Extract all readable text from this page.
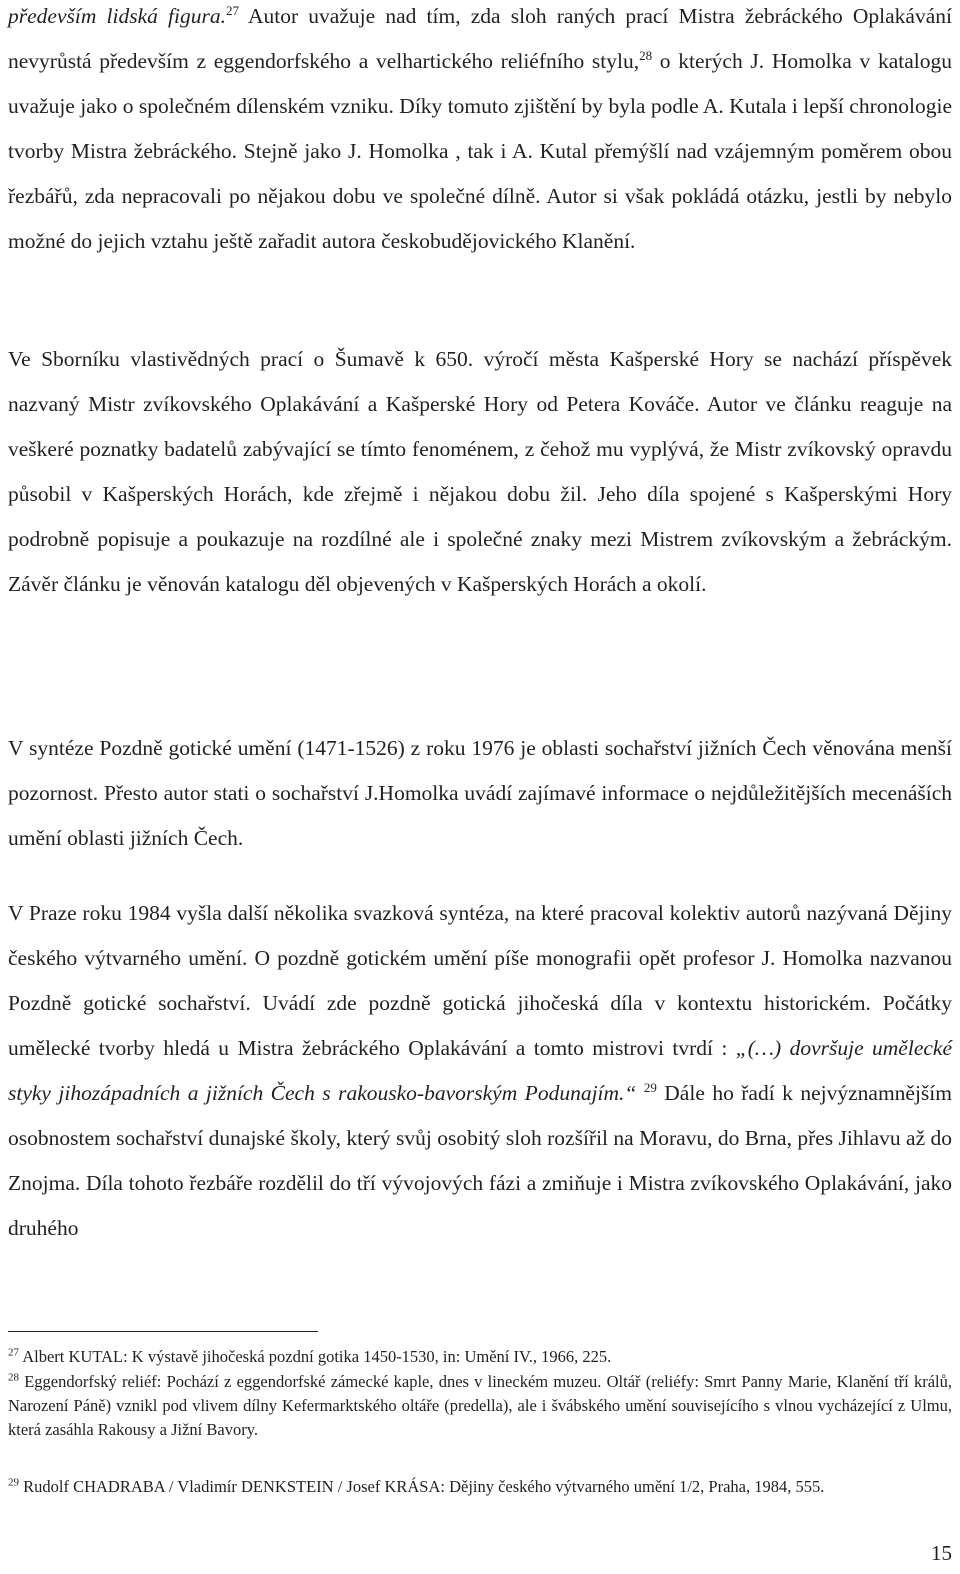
především lidská figura.$^{27}$ Autor uvažuje nad tím, zda sloh raných prací Mistra žebráckého Oplakávání nevyrůstá především z eggendorfského a velhartického reliéfního stylu,$^{28}$ o kterých J. Homolka v katalogu uvažuje jako o společném dílenském vzniku. Díky tomuto zjištění by byla podle A. Kutala i lepší chronologie tvorby Mistra žebráckého. Stejně jako J. Homolka , tak i A. Kutal přemýšlí nad vzájemným poměrem obou řezbářů, zda nepracovali po nějakou dobu ve společné dílně. Autor si však pokládá otázku, jestli by nebylo možné do jejich vztahu ještě zařadit autora českobudějovického Klanění.
Ve Sborníku vlastivědných prací o Šumavě k 650. výročí města Kašperské Hory se nachází příspěvek nazvaný Mistr zvíkovského Oplakávání a Kašperské Hory od Petera Kováče. Autor ve článku reaguje na veškeré poznatky badatelů zabývající se tímto fenoménem, z čehož mu vyplývá, že Mistr zvíkovský opravdu působil v Kašperských Horách, kde zřejmě i nějakou dobu žil. Jeho díla spojené s Kašperskými Hory podrobně popisuje a poukazuje na rozdílné ale i společné znaky mezi Mistrem zvíkovským a žebráckým. Závěr článku je věnován katalogu děl objevených v Kašperských Horách a okolí.
V syntéze Pozdně gotické umění (1471-1526) z roku 1976 je oblasti sochařství jižních Čech věnována menší pozornost. Přesto autor stati o sochařství J.Homolka uvádí zajímavé informace o nejdůležitějších mecenáších umění oblasti jižních Čech.
V Praze roku 1984 vyšla další několika svazková syntéza, na které pracoval kolektiv autorů nazývaná Dějiny českého výtvarného umění. O pozdně gotickém umění píše monografii opět profesor J. Homolka nazvanou Pozdně gotické sochařství. Uvádí zde pozdně gotická jihočeská díla v kontextu historickém. Počátky umělecké tvorby hledá u Mistra žebráckého Oplakávání a tomto mistrovi tvrdí : „(…) dovršuje umělecké styky jihozápadních a jižních Čech s rakousko-bavorským Podunajím.“ $^{29}$ Dále ho řadí k nejvýznamnějším osobnostem sochařství dunajské školy, který svůj osobitý sloh rozšířil na Moravu, do Brna, přes Jihlavu až do Znojma. Díla tohoto řezbáře rozdělil do tří vývojových fázi a zmiňuje i Mistra zvíkovského Oplakávání, jako druhého
$^{27}$ Albert KUTAL: K výstavě jihočeská pozdní gotika 1450-1530, in: Umění IV., 1966, 225.
$^{28}$ Eggendorfský reliéf: Pochází z eggendorfské zámecké kaple, dnes v lineckém muzeu. Oltář (reliéfy: Smrt Panny Marie, Klanění tří králů, Narození Páně) vznikl pod vlivem dílny Kefermarktského oltáře (predella), ale i švábského umění souvisejícího s vlnou vycházející z Ulmu, která zasáhla Rakousy a Jižní Bavory.
$^{29}$ Rudolf CHADRABA / Vladimír DENKSTEIN / Josef KRÁSA: Dějiny českého výtvarného umění 1/2, Praha, 1984, 555.
15
